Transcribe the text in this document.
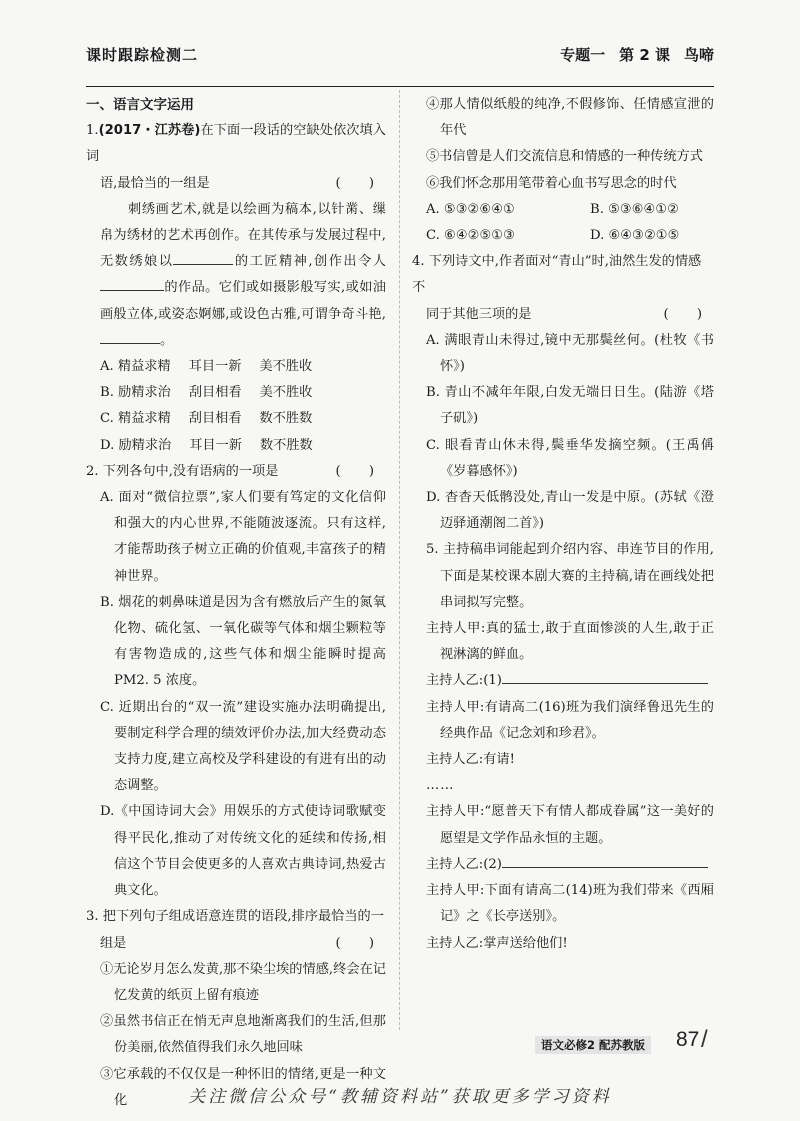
课时跟踪检测二	专题一 第 2 课 鸟啼
一、语言文字运用
1.(2017・江苏卷)在下面一段话的空缺处依次填入词
语,最恰当的一组是	( )
刺绣画艺术,就是以绘画为稿本,以针黹、缫帛为绣材的艺术再创作。在其传承与发展过程中,无数绣娘以	的工匠精神,创作出令人的作品。它们或如摄影般写实,或如油画般立体,或姿态婀娜,或设色古雅,可谓争奇斗艳,。
A. 精益求精 耳目一新 美不胜收
B. 励精求治 刮目相看 美不胜收
C. 精益求精 刮目相看 数不胜数
D. 励精求治 耳目一新 数不胜数
2. 下列各句中,没有语病的一项是	( )
A. 面对“微信拉票”,家人们要有笃定的文化信仰和强大的内心世界,不能随波逐流。只有这样,才能帮助孩子树立正确的价值观,丰富孩子的精神世界。
B. 烟花的刺鼻味道是因为含有燃放后产生的氮氧化物、硫化氢、一氧化碳等气体和烟尘颗粒等有害物造成的,这些气体和烟尘能瞬时提高 PM2. 5 浓度。
C. 近期出台的“双一流”建设实施办法明确提出,要制定科学合理的绩效评价办法,加大经费动态支持力度,建立高校及学科建设的有进有出的动态调整。
D.《中国诗词大会》用娱乐的方式使诗词歌赋变得平民化,推动了对传统文化的延续和传扬,相信这个节目会使更多的人喜欢古典诗词,热爱古典文化。
3. 把下列句子组成语意连贯的语段,排序最恰当的一
组是	( )
①无论岁月怎么发黄,那不染尘埃的情感,终会在记忆发黄的纸页上留有痕迹
②虽然书信正在悄无声息地渐离我们的生活,但那份美丽,依然值得我们永久地回味
③它承载的不仅仅是一种怀旧的情绪,更是一种文化
④那人情似纸般的纯净,不假修饰、任情感宣泄的年代
⑤书信曾是人们交流信息和情感的一种传统方式
⑥我们怀念那用笔带着心血书写思念的时代
A. ⑤③②⑥④①	B. ⑤③⑥④①②
C. ⑥④②⑤①③	D. ⑥④③②①⑤
4. 下列诗文中,作者面对“青山”时,油然生发的情感不
同于其他三项的是	( )
A. 满眼青山未得过,镜中无那鬓丝何。(杜牧《书怀》)
B. 青山不减年年限,白发无端日日生。(陆游《塔子矶》)
C. 眼看青山休未得,鬓垂华发摘空频。(王禹偁《岁暮感怀》)
D. 杳杳天低鹘没处,青山一发是中原。(苏轼《澄迈驿通潮阁二首》)
5. 主持稿串词能起到介绍内容、串连节目的作用,下面是某校课本剧大赛的主持稿,请在画线处把串词拟写完整。
主持人甲:真的猛士,敢于直面惨淡的人生,敢于正视淋漓的鲜血。
主持人乙:(1)
主持人甲:有请高二(16)班为我们演绎鲁迅先生的经典作品《记念刘和珍君》。
主持人乙:有请!
……
主持人甲:“愿普天下有情人都成眷属”这一美好的愿望是文学作品永恒的主题。
主持人乙:(2)
主持人甲:下面有请高二(14)班为我们带来《西厢记》之《长亭送别》。
主持人乙:掌声送给他们!
语文必修2 配苏教版 87 /
关注微信公众号“教辅资料站”获取更多学习资料
